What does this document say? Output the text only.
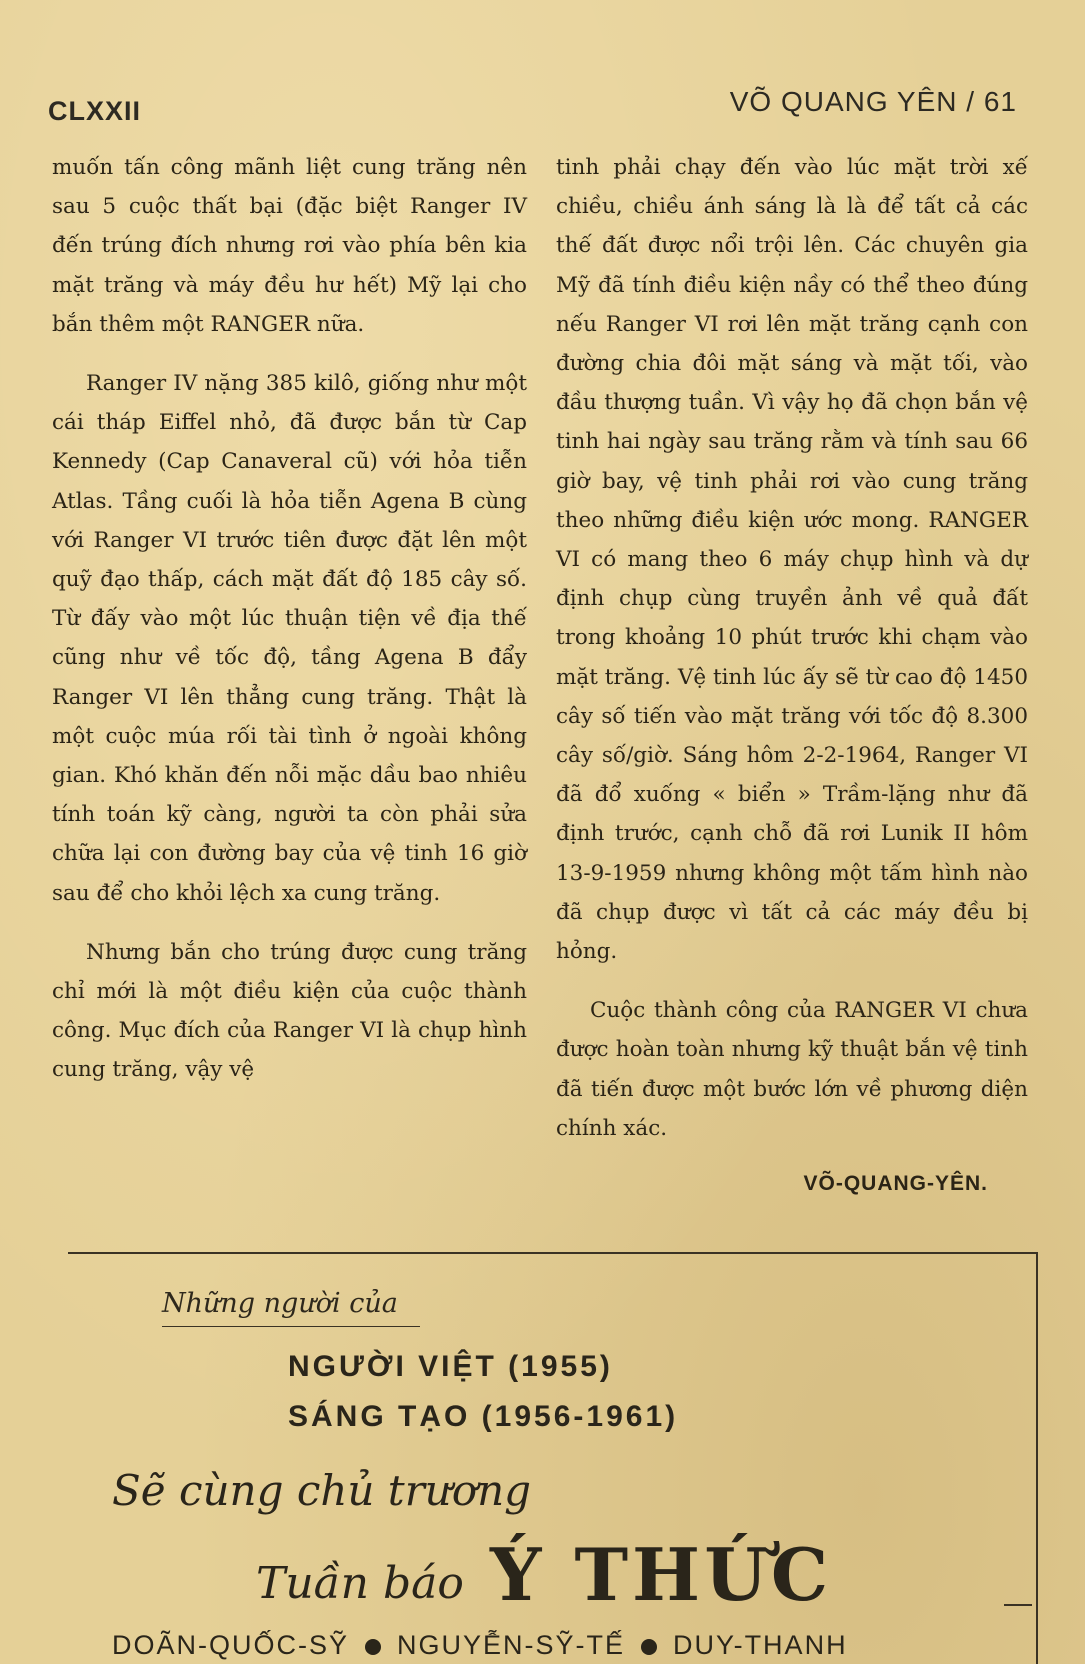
CLXXII	VÕ QUANG YÊN / 61

muốn tấn công mãnh liệt cung trăng nên sau 5 cuộc thất bại (đặc biệt Ranger IV đến trúng đích nhưng rơi vào phía bên kia mặt trăng và máy đều hư hết) Mỹ lại cho bắn thêm một RANGER nữa.

Ranger IV nặng 385 kilô, giống như một cái tháp Eiffel nhỏ, đã được bắn từ Cap Kennedy (Cap Canaveral cũ) với hỏa tiễn Atlas. Tầng cuối là hỏa tiễn Agena B cùng với Ranger VI trước tiên được đặt lên một quỹ đạo thấp, cách mặt đất độ 185 cây số. Từ đấy vào một lúc thuận tiện về địa thế cũng như về tốc độ, tầng Agena B đẩy Ranger VI lên thẳng cung trăng. Thật là một cuộc múa rối tài tình ở ngoài không gian. Khó khăn đến nỗi mặc dầu bao nhiêu tính toán kỹ càng, người ta còn phải sửa chữa lại con đường bay của vệ tinh 16 giờ sau để cho khỏi lệch xa cung trăng.

Nhưng bắn cho trúng được cung trăng chỉ mới là một điều kiện của cuộc thành công. Mục đích của Ranger VI là chụp hình cung trăng, vậy vệ

tinh phải chạy đến vào lúc mặt trời xế chiều, chiều ánh sáng là là để tất cả các thế đất được nổi trội lên. Các chuyên gia Mỹ đã tính điều kiện nầy có thể theo đúng nếu Ranger VI rơi lên mặt trăng cạnh con đường chia đôi mặt sáng và mặt tối, vào đầu thượng tuần. Vì vậy họ đã chọn bắn vệ tinh hai ngày sau trăng rằm và tính sau 66 giờ bay, vệ tinh phải rơi vào cung trăng theo những điều kiện ước mong. RANGER VI có mang theo 6 máy chụp hình và dự định chụp cùng truyền ảnh về quả đất trong khoảng 10 phút trước khi chạm vào mặt trăng. Vệ tinh lúc ấy sẽ từ cao độ 1450 cây số tiến vào mặt trăng với tốc độ 8.300 cây số/giờ. Sáng hôm 2-2-1964, Ranger VI đã đổ xuống « biển » Trầm-lặng như đã định trước, cạnh chỗ đã rơi Lunik II hôm 13-9-1959 nhưng không một tấm hình nào đã chụp được vì tất cả các máy đều bị hỏng.

Cuộc thành công của RANGER VI chưa được hoàn toàn nhưng kỹ thuật bắn vệ tinh đã tiến được một bước lớn về phương diện chính xác.

VÕ-QUANG-YÊN.
Những người của
NGƯỜI VIỆT (1955)
SÁNG TẠO (1956-1961)
Sẽ cùng chủ trương
Tuần báo Ý THỨC
DOÃN-QUỐC-SỸ NGUYỄN-SỸ-TẾ DUY-THANH
